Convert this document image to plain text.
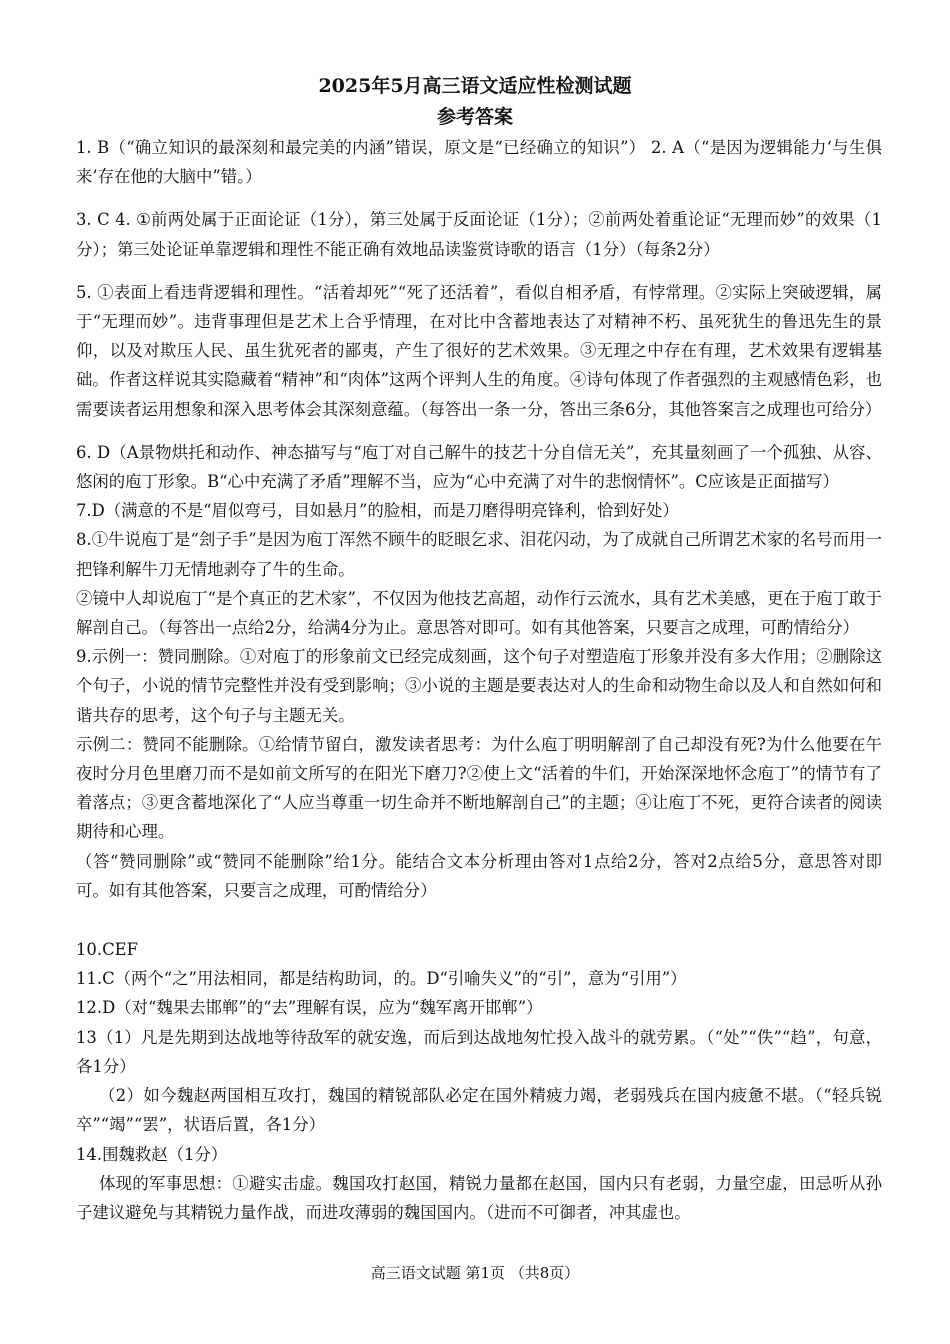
2025年5月高三语文适应性检测试题
参考答案

1. B（“确立知识的最深刻和最完美的内涵”错误，原文是“已经确立的知识”） 2. A（“是因为逻辑能力‘与生俱来’存在他的大脑中”错。）

3. C 4. ①前两处属于正面论证（1分），第三处属于反面论证（1分）；②前两处着重论证“无理而妙”的效果（1分）；第三处论证单靠逻辑和理性不能正确有效地品读鉴赏诗歌的语言（1分）（每条2分）

5. ①表面上看违背逻辑和理性。“活着却死”“死了还活着”，看似自相矛盾，有悖常理。②实际上突破逻辑，属于“无理而妙”。违背事理但是艺术上合乎情理，在对比中含蓄地表达了对精神不朽、虽死犹生的鲁迅先生的景仰，以及对欺压人民、虽生犹死者的鄙夷，产生了很好的艺术效果。③无理之中存在有理，艺术效果有逻辑基础。作者这样说其实隐藏着“精神”和“肉体”这两个评判人生的角度。④诗句体现了作者强烈的主观感情色彩，也需要读者运用想象和深入思考体会其深刻意蕴。（每答出一条一分，答出三条6分，其他答案言之成理也可给分）

6. D（A景物烘托和动作、神态描写与“庖丁对自己解牛的技艺十分自信无关”，充其量刻画了一个孤独、从容、悠闲的庖丁形象。B“心中充满了矛盾”理解不当，应为“心中充满了对牛的悲悯情怀”。C应该是正面描写）

7.D（满意的不是“眉似弯弓，目如悬月”的脸相，而是刀磨得明亮锋利，恰到好处）

8.①牛说庖丁是“刽子手”是因为庖丁浑然不顾牛的眨眼乞求、泪花闪动，为了成就自己所谓艺术家的名号而用一把锋利解牛刀无情地剥夺了牛的生命。

②镜中人却说庖丁“是个真正的艺术家”，不仅因为他技艺高超，动作行云流水，具有艺术美感，更在于庖丁敢于解剖自己。（每答出一点给2分，给满4分为止。意思答对即可。如有其他答案，只要言之成理，可酌情给分）

9.示例一：赞同删除。①对庖丁的形象前文已经完成刻画，这个句子对塑造庖丁形象并没有多大作用；②删除这个句子，小说的情节完整性并没有受到影响；③小说的主题是要表达对人的生命和动物生命以及人和自然如何和谐共存的思考，这个句子与主题无关。

示例二：赞同不能删除。①给情节留白，激发读者思考：为什么庖丁明明解剖了自己却没有死?为什么他要在午夜时分月色里磨刀而不是如前文所写的在阳光下磨刀?②使上文“活着的牛们，开始深深地怀念庖丁”的情节有了着落点；③更含蓄地深化了“人应当尊重一切生命并不断地解剖自己”的主题；④让庖丁不死，更符合读者的阅读期待和心理。

（答“赞同删除”或“赞同不能删除”给1分。能结合文本分析理由答对1点给2分，答对2点给5分，意思答对即可。如有其他答案，只要言之成理，可酌情给分）

10.CEF

11.C（两个“之”用法相同，都是结构助词，的。D“引喻失义”的“引”，意为“引用”）

12.D（对“魏果去邯郸”的“去”理解有误，应为“魏军离开邯郸”）

13（1）凡是先期到达战地等待敌军的就安逸，而后到达战地匆忙投入战斗的就劳累。（“处”“佚”“趋”，句意，各1分）

（2）如今魏赵两国相互攻打，魏国的精锐部队必定在国外精疲力竭，老弱残兵在国内疲惫不堪。（“轻兵锐卒”“竭”“罢”，状语后置，各1分）

14.围魏救赵（1分）

体现的军事思想：①避实击虚。魏国攻打赵国，精锐力量都在赵国，国内只有老弱，力量空虚，田忌听从孙子建议避免与其精锐力量作战，而进攻薄弱的魏国国内。（进而不可御者，冲其虚也。

高三语文试题 第1页 （共8页）
